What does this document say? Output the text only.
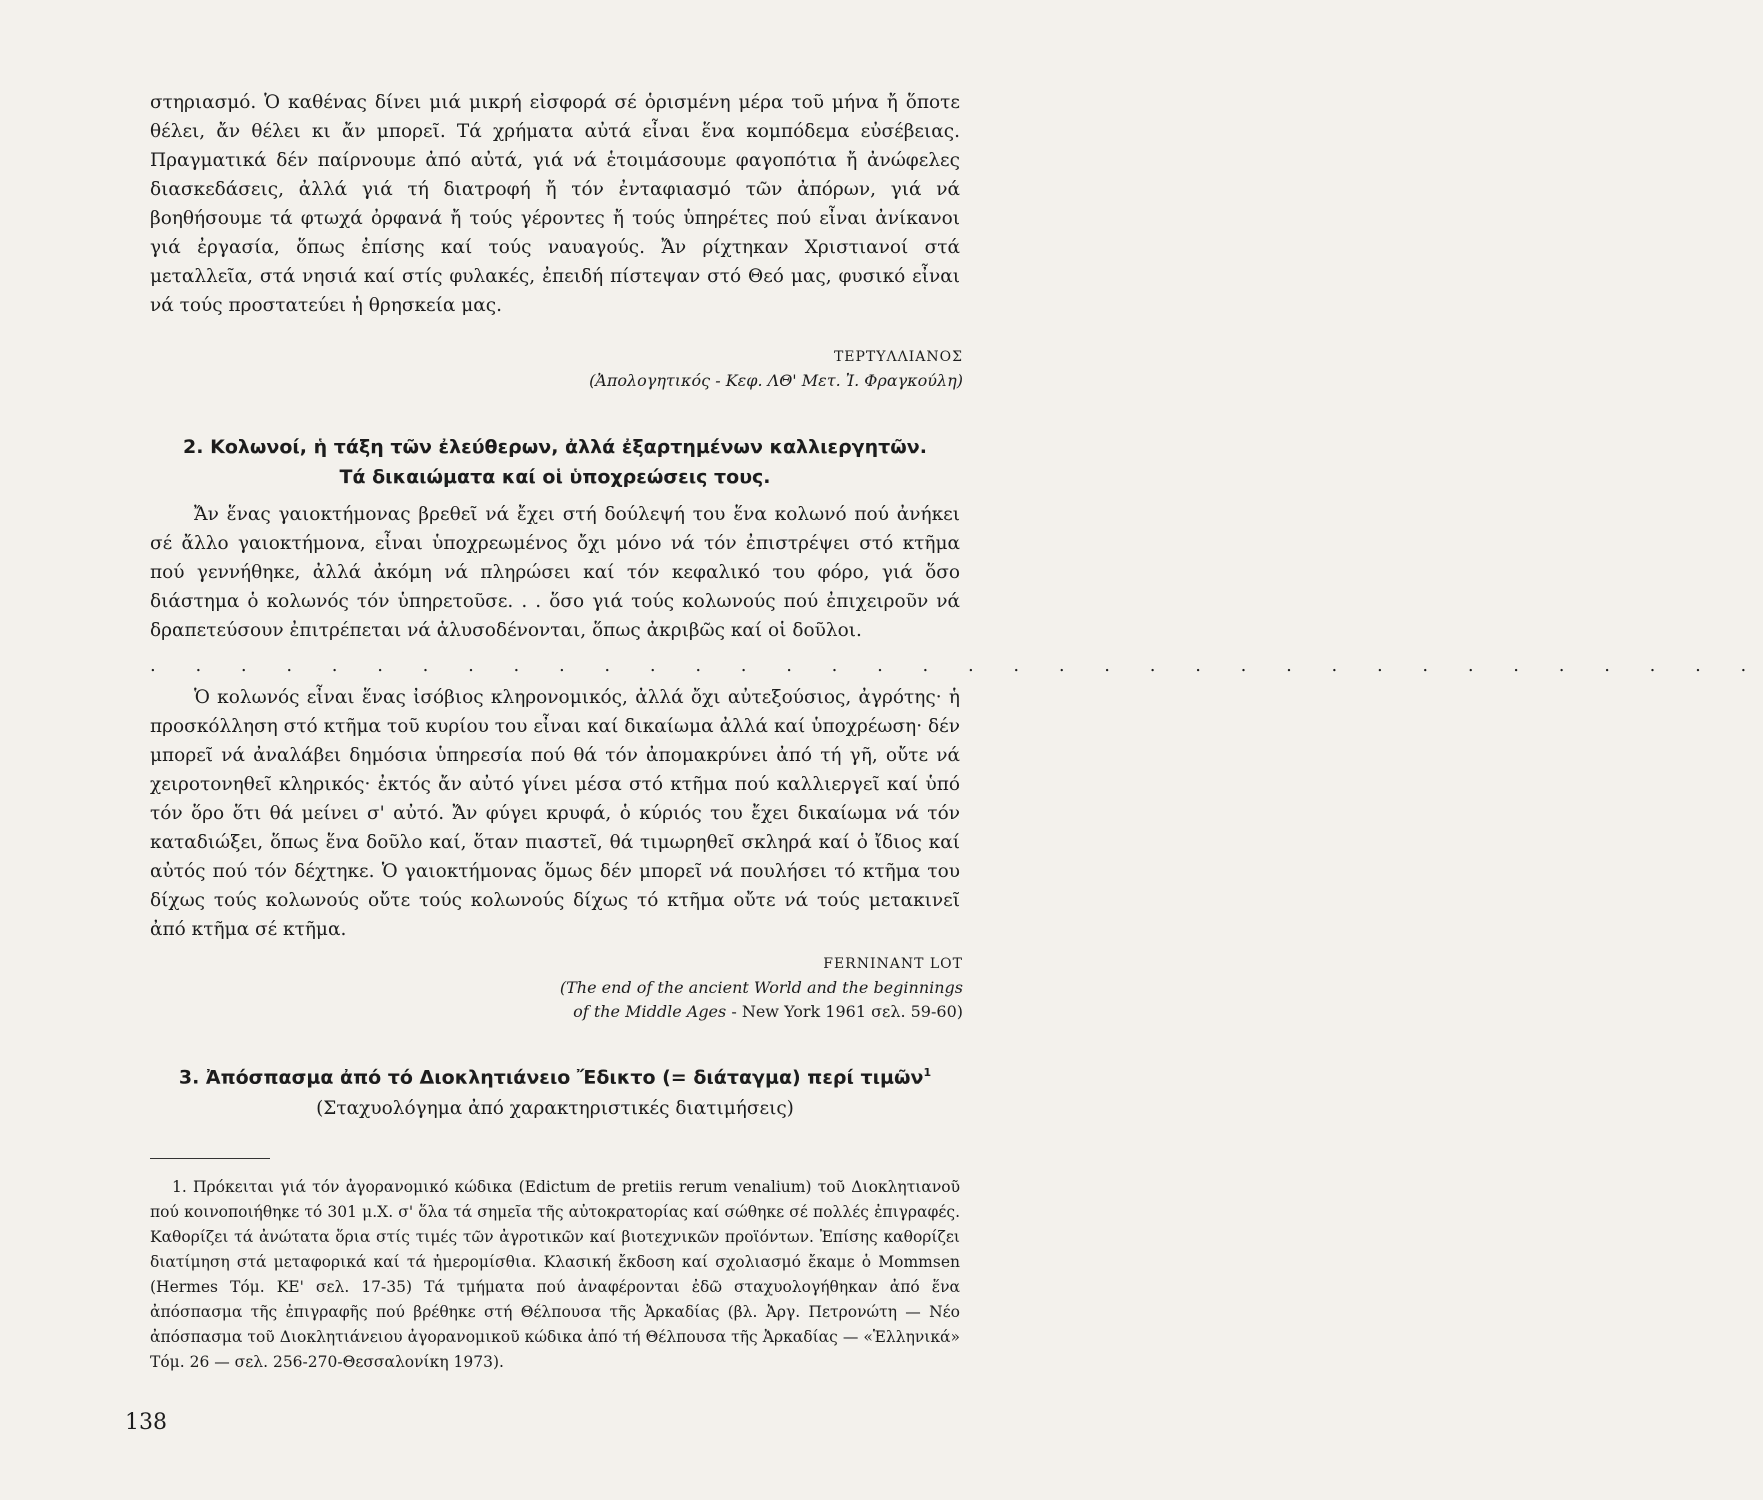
στηριασμό. Ὁ καθένας δίνει μιά μικρή εἰσφορά σέ ὁρισμένη μέρα τοῦ μήνα ἤ ὅποτε θέλει, ἄν θέλει κι ἄν μπορεῖ. Τά χρήματα αὐτά εἶναι ἕνα κομπόδεμα εὐσέβειας. Πραγματικά δέν παίρνουμε ἀπό αὐτά, γιά νά ἑτοιμάσουμε φαγοπότια ἤ ἀνώφελες διασκεδάσεις, ἀλλά γιά τή διατροφή ἤ τόν ἐνταφιασμό τῶν ἀπόρων, γιά νά βοηθήσουμε τά φτωχά ὀρφανά ἤ τούς γέροντες ἤ τούς ὑπηρέτες πού εἶναι ἀνίκανοι γιά ἐργασία, ὅπως ἐπίσης καί τούς ναυαγούς. Ἄν ρίχτηκαν Χριστιανοί στά μεταλλεῖα, στά νησιά καί στίς φυλακές, ἐπειδή πίστεψαν στό Θεό μας, φυσικό εἶναι νά τούς προστατεύει ἡ θρησκεία μας.
ΤΕΡΤΥΛΛΙΑΝΟΣ
(Ἀπολογητικός - Κεφ. ΛΘ' Μετ. Ἰ. Φραγκούλη)
2. Κολωνοί, ἡ τάξη τῶν ἐλεύθερων, ἀλλά ἐξαρτημένων καλλιεργητῶν.
Τά δικαιώματα καί οἱ ὑποχρεώσεις τους.
Ἄν ἕνας γαιοκτήμονας βρεθεῖ νά ἔχει στή δούλεψή του ἕνα κολωνό πού ἀνήκει σέ ἄλλο γαιοκτήμονα, εἶναι ὑποχρεωμένος ὄχι μόνο νά τόν ἐπιστρέψει στό κτῆμα πού γεννήθηκε, ἀλλά ἀκόμη νά πληρώσει καί τόν κεφαλικό του φόρο, γιά ὅσο διάστημα ὁ κολωνός τόν ὑπηρετοῦσε. . . ὅσο γιά τούς κολωνούς πού ἐπιχειροῦν νά δραπετεύσουν ἐπιτρέπεται νά ἁλυσοδένονται, ὅπως ἀκριβῶς καί οἱ δοῦλοι.
. . . . . . . . . . . . . . . . . . . . . . . . . . . . . . . . . . . .
Ὁ κολωνός εἶναι ἕνας ἰσόβιος κληρονομικός, ἀλλά ὄχι αὐτεξούσιος, ἀγρότης· ἡ προσκόλληση στό κτῆμα τοῦ κυρίου του εἶναι καί δικαίωμα ἀλλά καί ὑποχρέωση· δέν μπορεῖ νά ἀναλάβει δημόσια ὑπηρεσία πού θά τόν ἀπομακρύνει ἀπό τή γῆ, οὔτε νά χειροτονηθεῖ κληρικός· ἐκτός ἄν αὐτό γίνει μέσα στό κτῆμα πού καλλιεργεῖ καί ὑπό τόν ὅρο ὅτι θά μείνει σ' αὐτό. Ἄν φύγει κρυφά, ὁ κύριός του ἔχει δικαίωμα νά τόν καταδιώξει, ὅπως ἕνα δοῦλο καί, ὅταν πιαστεῖ, θά τιμωρηθεῖ σκληρά καί ὁ ἴδιος καί αὐτός πού τόν δέχτηκε. Ὁ γαιοκτήμονας ὅμως δέν μπορεῖ νά πουλήσει τό κτῆμα του δίχως τούς κολωνούς οὔτε τούς κολωνούς δίχως τό κτῆμα οὔτε νά τούς μετακινεῖ ἀπό κτῆμα σέ κτῆμα.
FERNINANT LOT
(The end of the ancient World and the beginnings
of the Middle Ages - New York 1961 σελ. 59-60)
3. Ἀπόσπασμα ἀπό τό Διοκλητιάνειο Ἔδικτο (= διάταγμα) περί τιμῶν$^1$
(Σταχυολόγημα ἀπό χαρακτηριστικές διατιμήσεις)
1. Πρόκειται γιά τόν ἀγορανομικό κώδικα (Edictum de pretiis rerum venalium) τοῦ Διοκλητιανοῦ πού κοινοποιήθηκε τό 301 μ.Χ. σ' ὅλα τά σημεῖα τῆς αὐτοκρατορίας καί σώθηκε σέ πολλές ἐπιγραφές. Καθορίζει τά ἀνώτατα ὅρια στίς τιμές τῶν ἀγροτικῶν καί βιοτεχνικῶν προϊόντων. Ἐπίσης καθορίζει διατίμηση στά μεταφορικά καί τά ἡμερομίσθια. Κλασική ἔκδοση καί σχολιασμό ἔκαμε ὁ Mommsen (Hermes Τόμ. ΚΕ' σελ. 17-35) Τά τμήματα πού ἀναφέρονται ἐδῶ σταχυολογήθηκαν ἀπό ἕνα ἀπόσπασμα τῆς ἐπιγραφῆς πού βρέθηκε στή Θέλπουσα τῆς Ἀρκαδίας (βλ. Ἀργ. Πετρονώτη — Νέο ἀπόσπασμα τοῦ Διοκλητιάνειου ἀγορανομικοῦ κώδικα ἀπό τή Θέλπουσα τῆς Ἀρκαδίας — «Ἑλληνικά» Τόμ. 26 — σελ. 256-270-Θεσσαλονίκη 1973).
138
